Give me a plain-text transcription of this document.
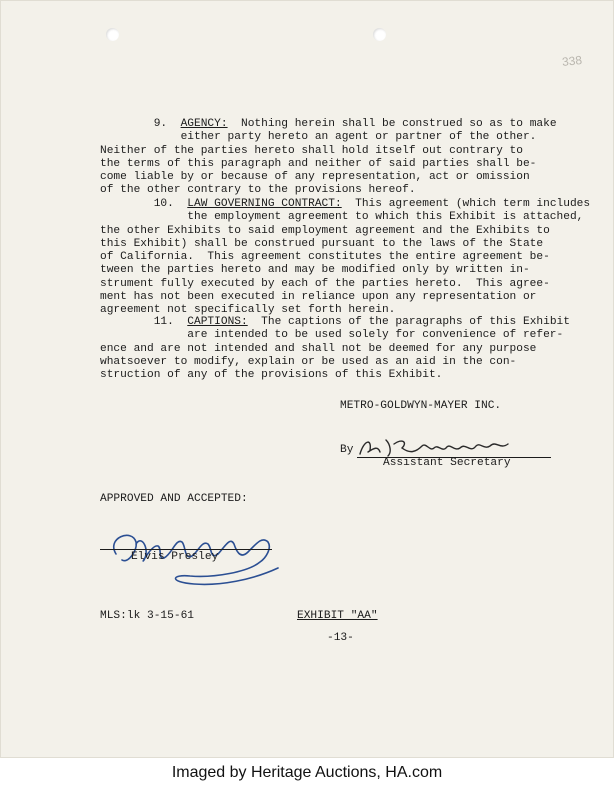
338
9.  AGENCY:  Nothing herein shall be construed so as to make
either party hereto an agent or partner of the other.
Neither of the parties hereto shall hold itself out contrary to
the terms of this paragraph and neither of said parties shall be-
come liable by or because of any representation, act or omission
of the other contrary to the provisions hereof.
10.  LAW GOVERNING CONTRACT:  This agreement (which term includes
the employment agreement to which this Exhibit is attached,
the other Exhibits to said employment agreement and the Exhibits to
this Exhibit) shall be construed pursuant to the laws of the State
of California.  This agreement constitutes the entire agreement be-
tween the parties hereto and may be modified only by written in-
strument fully executed by each of the parties hereto.  This agree-
ment has not been executed in reliance upon any representation or
agreement not specifically set forth herein.
11.  CAPTIONS:  The captions of the paragraphs of this Exhibit
are intended to be used solely for convenience of refer-
ence and are not intended and shall not be deemed for any purpose
whatsoever to modify, explain or be used as an aid in the con-
struction of any of the provisions of this Exhibit.
METRO-GOLDWYN-MAYER INC.
By
Assistant Secretary
APPROVED AND ACCEPTED:
Elvis Presley
MLS:lk 3-15-61	EXHIBIT "AA"
-13-
Imaged by Heritage Auctions, HA.com
